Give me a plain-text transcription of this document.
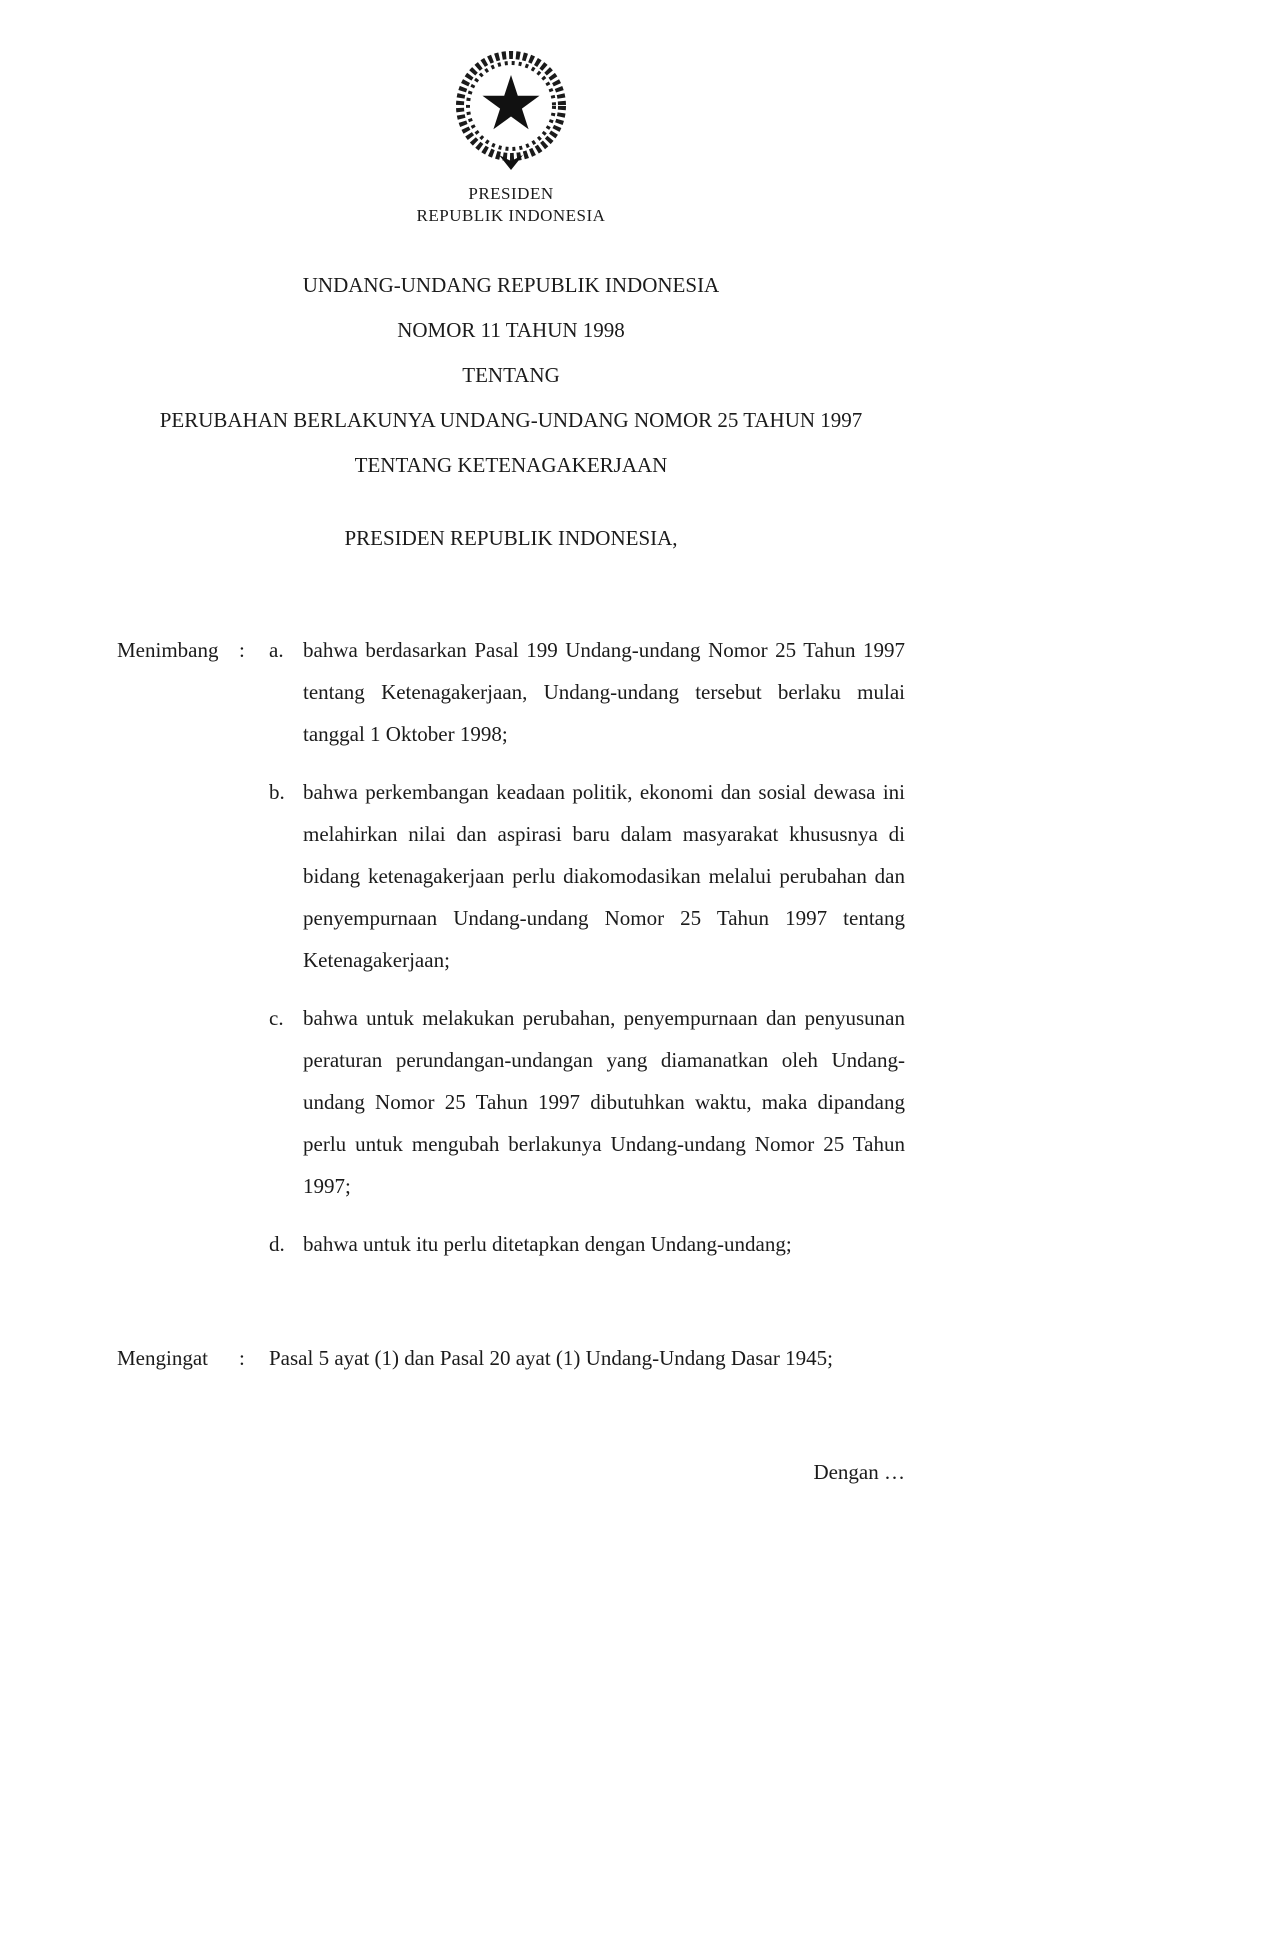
PRESIDEN
REPUBLIK INDONESIA
UNDANG-UNDANG REPUBLIK INDONESIA
NOMOR 11 TAHUN 1998
TENTANG
PERUBAHAN BERLAKUNYA UNDANG-UNDANG NOMOR 25 TAHUN 1997
TENTANG KETENAGAKERJAAN
PRESIDEN REPUBLIK INDONESIA,
Menimbang :	a. bahwa berdasarkan Pasal 199 Undang-undang Nomor 25 Tahun 1997 tentang Ketenagakerjaan, Undang-undang tersebut berlaku mulai tanggal 1 Oktober 1998;
b. bahwa perkembangan keadaan politik, ekonomi dan sosial dewasa ini melahirkan nilai dan aspirasi baru dalam masyarakat khususnya di bidang ketenagakerjaan perlu diakomodasikan melalui perubahan dan penyempurnaan Undang-undang Nomor 25 Tahun 1997 tentang Ketenagakerjaan;
c. bahwa untuk melakukan perubahan, penyempurnaan dan penyusunan peraturan perundangan-undangan yang diamanatkan oleh Undang-undang Nomor 25 Tahun 1997 dibutuhkan waktu, maka dipandang perlu untuk mengubah berlakunya Undang-undang Nomor 25 Tahun 1997;
d. bahwa untuk itu perlu ditetapkan dengan Undang-undang;
Mengingat	:	Pasal 5 ayat (1) dan Pasal 20 ayat (1) Undang-Undang Dasar 1945;
Dengan …
